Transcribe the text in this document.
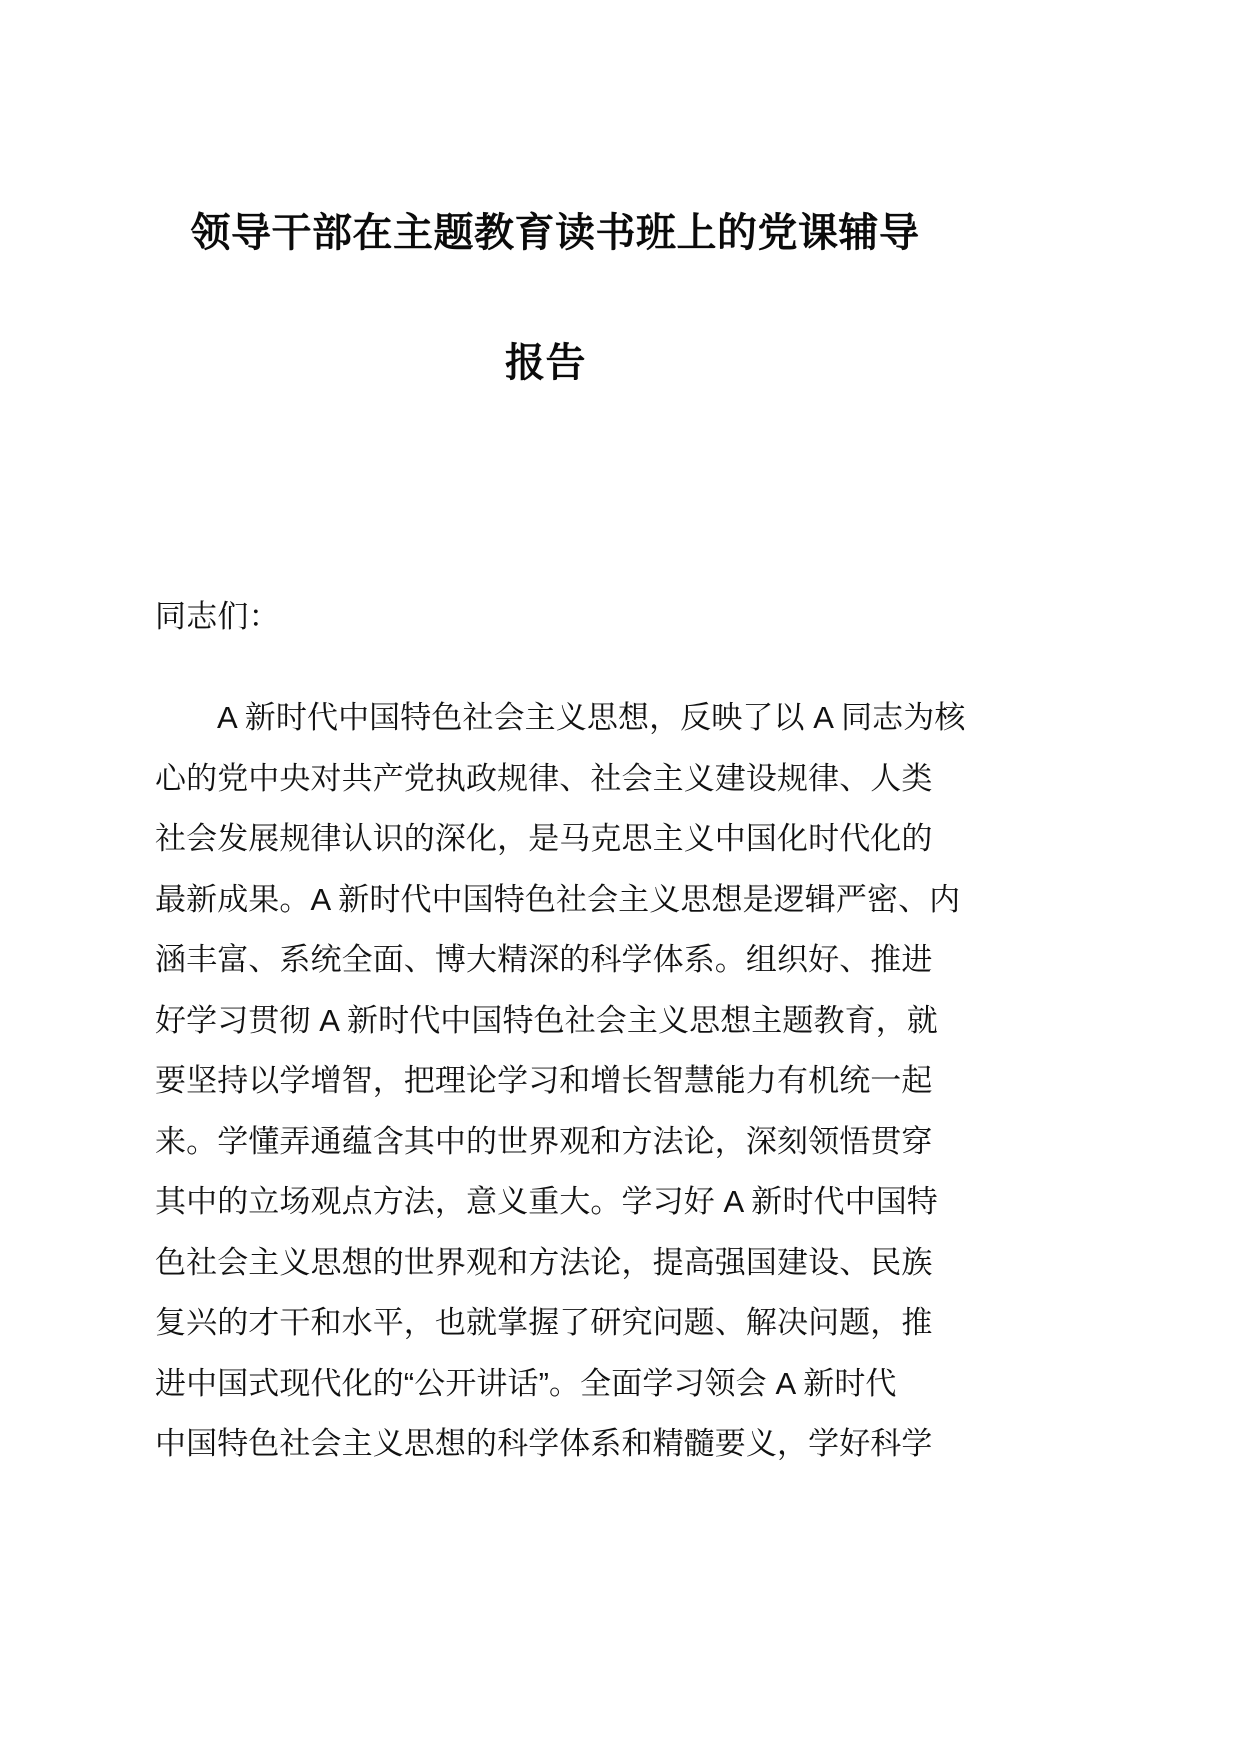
领导干部在主题教育读书班上的党课辅导
报告
同志们：
A 新时代中国特色社会主义思想，反映了以 A 同志为核
心的党中央对共产党执政规律、社会主义建设规律、人类
社会发展规律认识的深化，是马克思主义中国化时代化的
最新成果。A 新时代中国特色社会主义思想是逻辑严密、内
涵丰富、系统全面、博大精深的科学体系。组织好、推进
好学习贯彻 A 新时代中国特色社会主义思想主题教育，就
要坚持以学增智，把理论学习和增长智慧能力有机统一起
来。学懂弄通蕴含其中的世界观和方法论，深刻领悟贯穿
其中的立场观点方法，意义重大。学习好 A 新时代中国特
色社会主义思想的世界观和方法论，提高强国建设、民族
复兴的才干和水平，也就掌握了研究问题、解决问题，推
进中国式现代化的“公开讲话”。全面学习领会 A 新时代
中国特色社会主义思想的科学体系和精髓要义，学好科学
